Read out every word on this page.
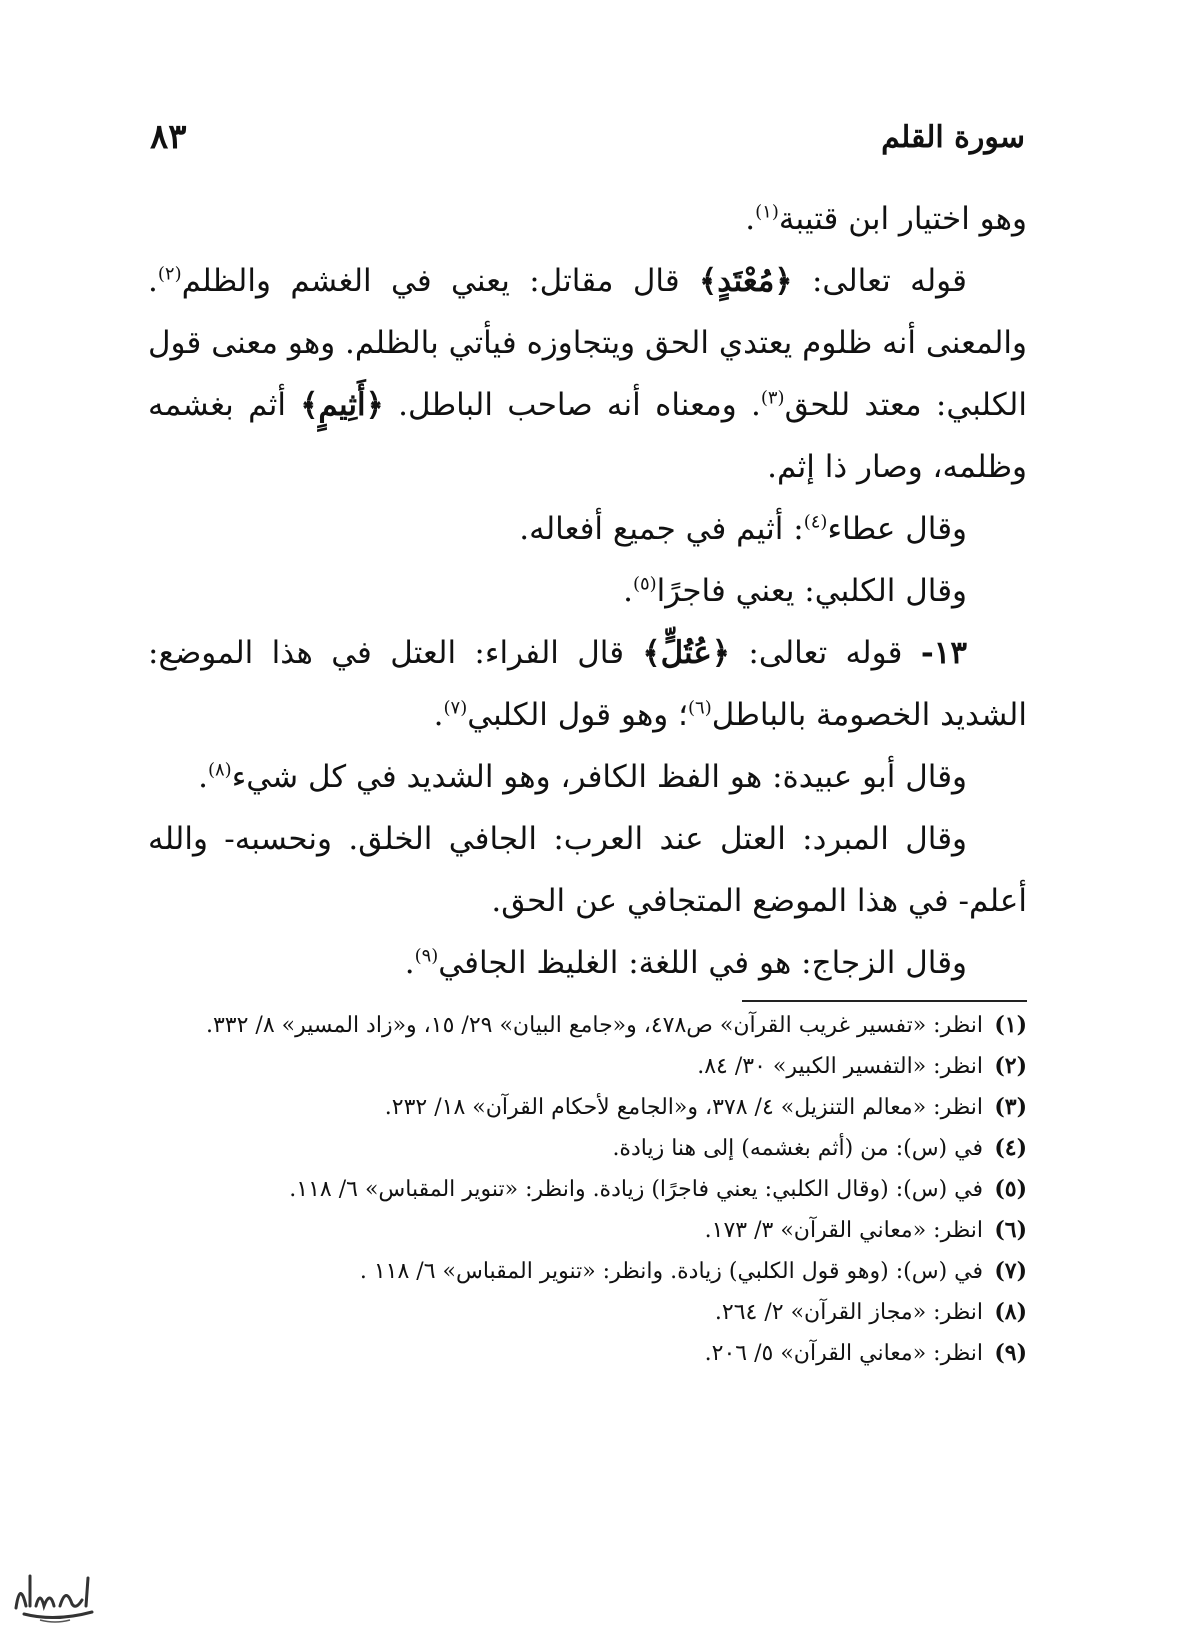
٨٣	سورة القلم

وهو اختيار ابن قتيبة$^{(١)}$.

قوله تعالى: ﴿مُعْتَدٍ﴾ قال مقاتل: يعني في الغشم والظلم$^{(٢)}$. والمعنى أنه ظلوم يعتدي الحق ويتجاوزه فيأتي بالظلم. وهو معنى قول الكلبي: معتد للحق$^{(٣)}$. ومعناه أنه صاحب الباطل. ﴿أَثِيمٍ﴾ أثم بغشمه وظلمه، وصار ذا إثم.

وقال عطاء$^{(٤)}$: أثيم في جميع أفعاله.

وقال الكلبي: يعني فاجرًا$^{(٥)}$.

١٣- قوله تعالى: ﴿عُتُلٍّ﴾ قال الفراء: العتل في هذا الموضع: الشديد الخصومة بالباطل$^{(٦)}$؛ وهو قول الكلبي$^{(٧)}$.

وقال أبو عبيدة: هو الفظ الكافر، وهو الشديد في كل شيء$^{(٨)}$.

وقال المبرد: العتل عند العرب: الجافي الخلق. ونحسبه- والله أعلم- في هذا الموضع المتجافي عن الحق.

وقال الزجاج: هو في اللغة: الغليظ الجافي$^{(٩)}$.

(١)
انظر: «تفسير غريب القرآن» ص٤٧٨، و«جامع البيان» ٢٩/ ١٥، و«زاد المسير» ٨/ ٣٣٢.
(٢)
انظر: «التفسير الكبير» ٣٠/ ٨٤.
(٣)
انظر: «معالم التنزيل» ٤/ ٣٧٨، و«الجامع لأحكام القرآن» ١٨/ ٢٣٢.
(٤)
في (س): من (أثم بغشمه) إلى هنا زيادة.
(٥)
في (س): (وقال الكلبي: يعني فاجرًا) زيادة. وانظر: «تنوير المقباس» ٦/ ١١٨.
(٦)
انظر: «معاني القرآن» ٣/ ١٧٣.
(٧)
في (س): (وهو قول الكلبي) زيادة. وانظر: «تنوير المقباس» ٦/ ١١٨ .
(٨)
انظر: «مجاز القرآن» ٢/ ٢٦٤.
(٩)
انظر: «معاني القرآن» ٥/ ٢٠٦.
